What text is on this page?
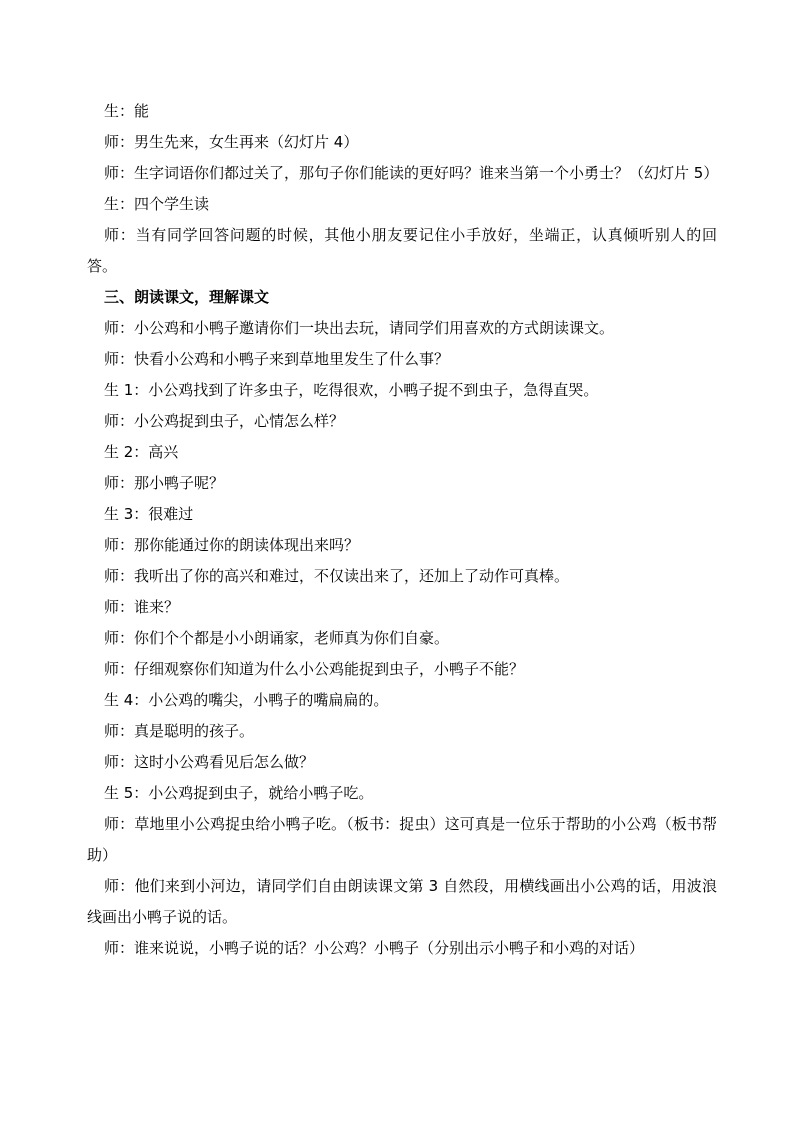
生：能

师：男生先来，女生再来（幻灯片 4）

师：生字词语你们都过关了，那句子你们能读的更好吗？谁来当第一个小勇士？（幻灯片 5）

生：四个学生读

师：当有同学回答问题的时候，其他小朋友要记住小手放好，坐端正，认真倾听别人的回答。

三、朗读课文，理解课文

师：小公鸡和小鸭子邀请你们一块出去玩，请同学们用喜欢的方式朗读课文。

师：快看小公鸡和小鸭子来到草地里发生了什么事？

生 1：小公鸡找到了许多虫子，吃得很欢，小鸭子捉不到虫子，急得直哭。

师：小公鸡捉到虫子，心情怎么样？

生 2：高兴

师：那小鸭子呢？

生 3：很难过

师：那你能通过你的朗读体现出来吗？

师：我听出了你的高兴和难过，不仅读出来了，还加上了动作可真棒。

师：谁来？

师：你们个个都是小小朗诵家，老师真为你们自豪。

师：仔细观察你们知道为什么小公鸡能捉到虫子，小鸭子不能？

生 4：小公鸡的嘴尖，小鸭子的嘴扁扁的。

师：真是聪明的孩子。

师：这时小公鸡看见后怎么做？

生 5：小公鸡捉到虫子，就给小鸭子吃。

师：草地里小公鸡捉虫给小鸭子吃。（板书：捉虫）这可真是一位乐于帮助的小公鸡（板书帮助）

师：他们来到小河边，请同学们自由朗读课文第 3 自然段，用横线画出小公鸡的话，用波浪线画出小鸭子说的话。

师：谁来说说，小鸭子说的话？小公鸡？小鸭子（分别出示小鸭子和小鸡的对话）
